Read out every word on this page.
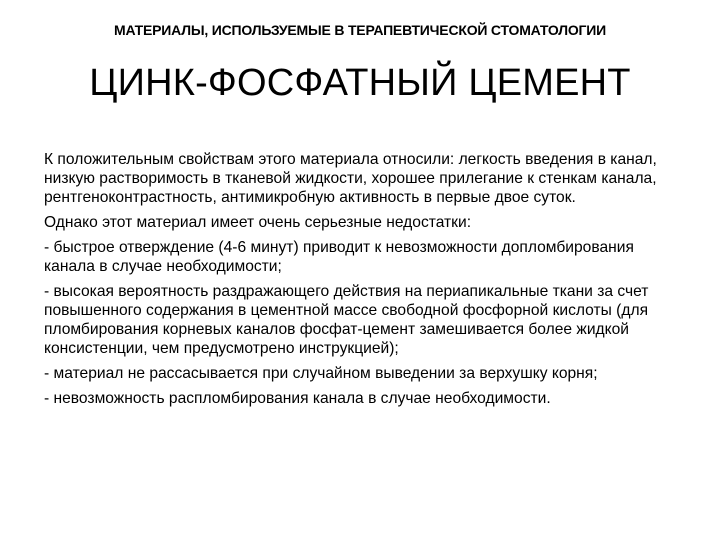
МАТЕРИАЛЫ, ИСПОЛЬЗУЕМЫЕ В ТЕРАПЕВТИЧЕСКОЙ СТОМАТОЛОГИИ
ЦИНК-ФОСФАТНЫЙ ЦЕМЕНТ

К положительным свойствам этого материала относили: легкость введения в канал, низкую растворимость в тканевой жидкости, хорошее прилегание к стенкам канала, рентгеноконтрастность, антимикробную активность в первые двое суток.

Однако этот материал имеет очень серьезные недостатки:

- быстрое отверждение (4-6 минут) приводит к невозможности допломбирования канала в случае необходимости;

- высокая вероятность раздражающего действия на периапикальные ткани за счет повышенного содержания в цементной массе свободной фосфорной кислоты (для пломбирования корневых каналов фосфат-цемент замешивается более жидкой консистенции, чем предусмотрено инструкцией);

- материал не рассасывается при случайном выведении за верхушку корня;

- невозможность распломбирования канала в случае необходимости.
